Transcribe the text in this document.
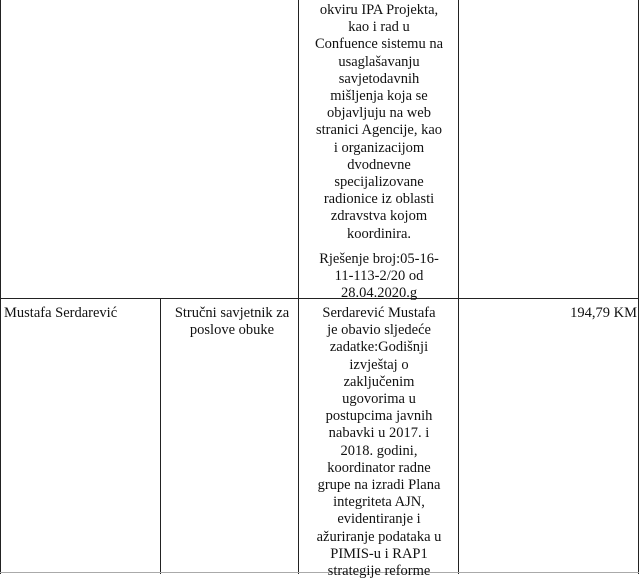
okviru IPA Projekta,
kao i rad u
Confuence sistemu na
usaglašavanju
savjetodavnih
mišljenja koja se
objavljuju na web
stranici Agencije, kao
i organizacijom
dvodnevne
specijalizovane
radionice iz oblasti
zdravstva kojom
koordinira.
Rješenje broj:05-16-
11-113-2/20 od
28.04.2020.g
Mustafa Serdarević	Stručni savjetnik za
poslove obuke
Serdarević Mustafa
je obavio sljedeće
zadatke:Godišnji
izvještaj o
zaključenim
ugovorima u
postupcima javnih
nabavki u 2017. i
2018. godini,
koordinator radne
grupe na izradi Plana
integriteta AJN,
evidentiranje i
ažuriranje podataka u
PIMIS-u i RAP1
strategije reforme
194,79 KM
